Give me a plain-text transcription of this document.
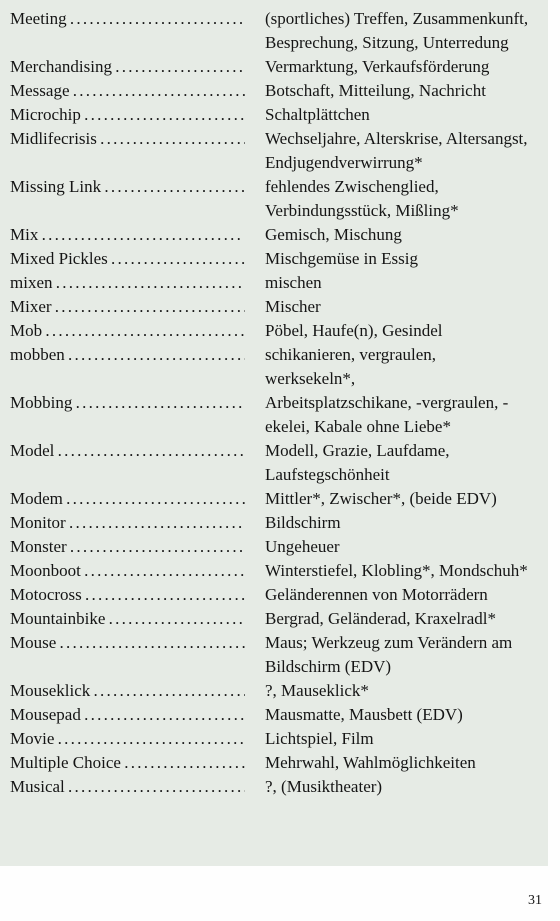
Meeting . . .	(sportliches) Treffen, Zusammenkunft, Besprechung, Sitzung, Unterredung
Merchandising . . .	Vermarktung, Verkaufsförderung
Message . . .	Botschaft, Mitteilung, Nachricht
Microchip . . .	Schaltplättchen
Midlifecrisis . . .	Wechseljahre, Alterskrise, Altersangst, Endjugendverwirrung*
Missing Link . . .	fehlendes Zwischenglied, Verbindungsstück, Mißling*
Mix . . .	Gemisch, Mischung
Mixed Pickles . . .	Mischgemüse in Essig
mixen . . .	mischen
Mixer . . .	Mischer
Mob . . .	Pöbel, Haufe(n), Gesindel
mobben . . .	schikanieren, vergraulen, werksekeln*,
Mobbing . . .	Arbeitsplatzschikane, -vergraulen, -ekelei, Kabale ohne Liebe*
Model . . .	Modell, Grazie, Laufdame, Laufstegschönheit
Modem . . .	Mittler*, Zwischer*, (beide EDV)
Monitor . . .	Bildschirm
Monster . . .	Ungeheuer
Moonboot . . .	Winterstiefel, Klobling*, Mondschuh*
Motocross . . .	Geländerennen von Motorrädern
Mountainbike . . .	Bergrad, Geländerad, Kraxelradl*
Mouse . . .	Maus; Werkzeug zum Verändern am Bildschirm (EDV)
Mouseklick . . .	?, Mauseklick*
Mousepad . . .	Mausmatte, Mausbett (EDV)
Movie . . .	Lichtspiel, Film
Multiple Choice . . .	Mehrwahl, Wahlmöglichkeiten
Musical . . .	?, (Musiktheater)
31
